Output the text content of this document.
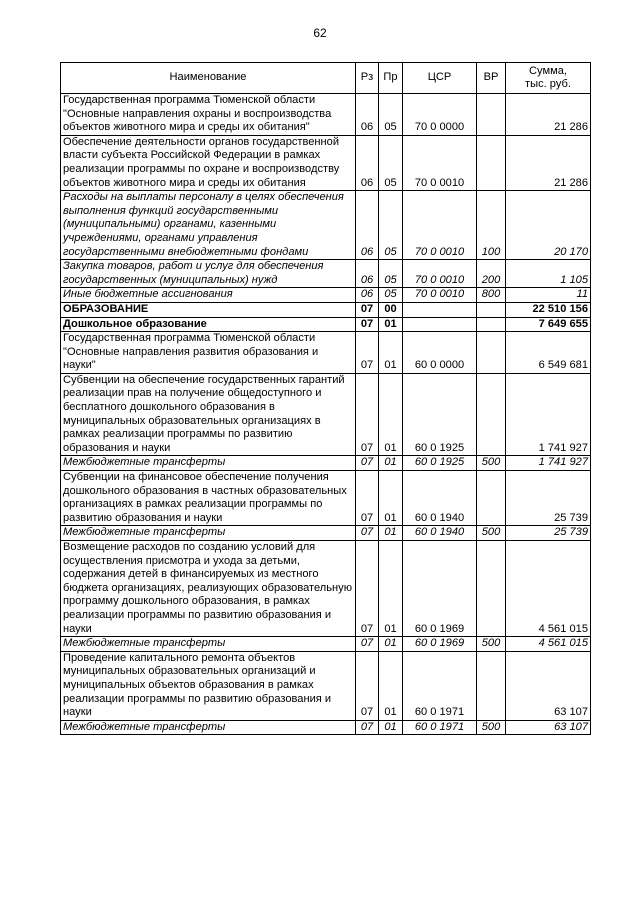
62
Наименование	Рз	Пр	ЦСР	ВР	Сумма,
тыс. руб.
Государственная программа Тюменской области "Основные направления охраны и воспроизводства объектов животного мира и среды их обитания"	06	05	70 0 0000		21 286
Обеспечение деятельности органов государственной власти субъекта Российской Федерации в рамках реализации программы по охране и воспроизводству объектов животного мира и среды их обитания	06	05	70 0 0010		21 286
Расходы на выплаты персоналу в целях обеспечения выполнения функций государственными (муниципальными) органами, казенными учреждениями, органами управления государственными внебюджетными фондами	06	05	70 0 0010	100	20 170
Закупка товаров, работ и услуг для обеспечения государственных (муниципальных) нужд	06	05	70 0 0010	200	1 105
Иные бюджетные ассигнования	06	05	70 0 0010	800	11
ОБРАЗОВАНИЕ	07	00			22 510 156
Дошкольное образование	07	01			7 649 655
Государственная программа Тюменской области "Основные направления развития образования и науки"	07	01	60 0 0000		6 549 681
Субвенции на обеспечение государственных гарантий реализации прав на получение общедоступного и бесплатного дошкольного образования в муниципальных образовательных организациях в рамках реализации программы по развитию образования и науки	07	01	60 0 1925		1 741 927
Межбюджетные трансферты	07	01	60 0 1925	500	1 741 927
Субвенции на финансовое обеспечение получения дошкольного образования в частных образовательных организациях в рамках реализации программы по развитию образования и науки	07	01	60 0 1940		25 739
Межбюджетные трансферты	07	01	60 0 1940	500	25 739
Возмещение расходов по созданию условий для осуществления присмотра и ухода за детьми, содержания детей в финансируемых из местного бюджета организациях, реализующих образовательную программу дошкольного образования, в рамках реализации программы по развитию образования и науки	07	01	60 0 1969		4 561 015
Межбюджетные трансферты	07	01	60 0 1969	500	4 561 015
Проведение капитального ремонта объектов муниципальных образовательных организаций и муниципальных объектов образования в рамках реализации программы по развитию образования и науки	07	01	60 0 1971		63 107
Межбюджетные трансферты	07	01	60 0 1971	500	63 107
